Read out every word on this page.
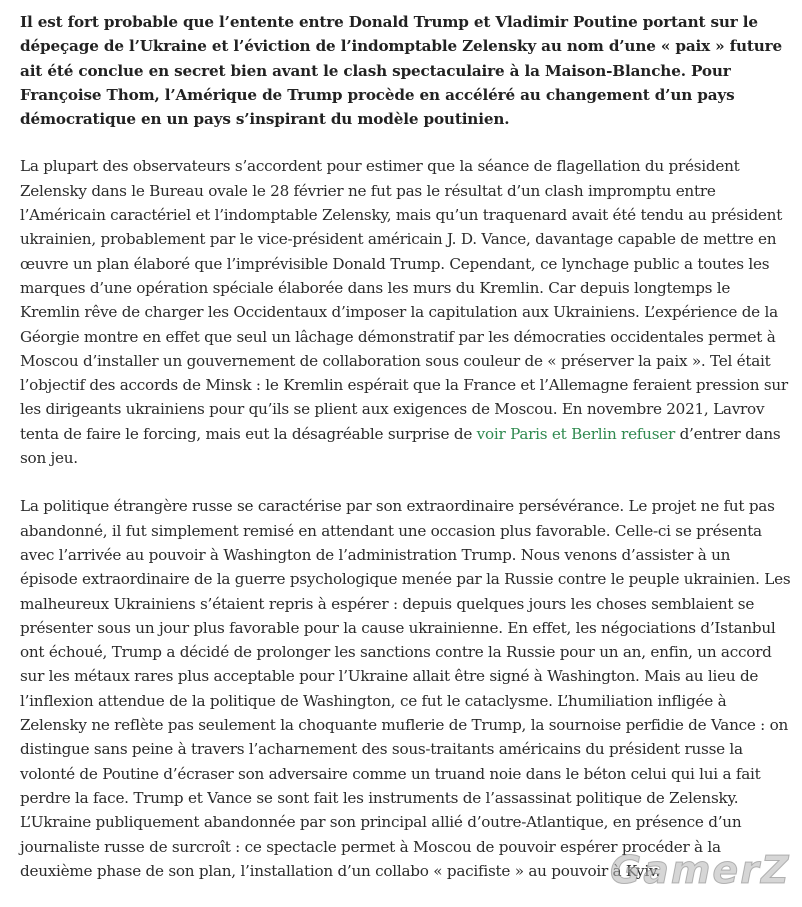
Il est fort probable que l’entente entre Donald Trump et Vladimir Poutine portant sur le dépeçage de l’Ukraine et l’éviction de l’indomptable Zelensky au nom d’une « paix » future ait été conclue en secret bien avant le clash spectaculaire à la Maison-Blanche. Pour Françoise Thom, l’Amérique de Trump procède en accéléré au changement d’un pays démocratique en un pays s’inspirant du modèle poutinien.

La plupart des observateurs s’accordent pour estimer que la séance de flagellation du président Zelensky dans le Bureau ovale le 28 février ne fut pas le résultat d’un clash impromptu entre l’Américain caractériel et l’indomptable Zelensky, mais qu’un traquenard avait été tendu au président ukrainien, probablement par le vice-président américain J. D. Vance, davantage capable de mettre en œuvre un plan élaboré que l’imprévisible Donald Trump. Cependant, ce lynchage public a toutes les marques d’une opération spéciale élaborée dans les murs du Kremlin. Car depuis longtemps le Kremlin rêve de charger les Occidentaux d’imposer la capitulation aux Ukrainiens. L’expérience de la Géorgie montre en effet que seul un lâchage démonstratif par les démocraties occidentales permet à Moscou d’installer un gouvernement de collaboration sous couleur de « préserver la paix ». Tel était l’objectif des accords de Minsk : le Kremlin espérait que la France et l’Allemagne feraient pression sur les dirigeants ukrainiens pour qu’ils se plient aux exigences de Moscou. En novembre 2021, Lavrov tenta de faire le forcing, mais eut la désagréable surprise de voir Paris et Berlin refuser d’entrer dans son jeu.

La politique étrangère russe se caractérise par son extraordinaire persévérance. Le projet ne fut pas abandonné, il fut simplement remisé en attendant une occasion plus favorable. Celle-ci se présenta avec l’arrivée au pouvoir à Washington de l’administration Trump. Nous venons d’assister à un épisode extraordinaire de la guerre psychologique menée par la Russie contre le peuple ukrainien. Les malheureux Ukrainiens s’étaient repris à espérer : depuis quelques jours les choses semblaient se présenter sous un jour plus favorable pour la cause ukrainienne. En effet, les négociations d’Istanbul ont échoué, Trump a décidé de prolonger les sanctions contre la Russie pour un an, enfin, un accord sur les métaux rares plus acceptable pour l’Ukraine allait être signé à Washington. Mais au lieu de l’inflexion attendue de la politique de Washington, ce fut le cataclysme. L’humiliation infligée à Zelensky ne reflète pas seulement la choquante muflerie de Trump, la sournoise perfidie de Vance : on distingue sans peine à travers l’acharnement des sous-traitants américains du président russe la volonté de Poutine d’écraser son adversaire comme un truand noie dans le béton celui qui lui a fait perdre la face. Trump et Vance se sont fait les instruments de l’assassinat politique de Zelensky. L’Ukraine publiquement abandonnée par son principal allié d’outre-Atlantique, en présence d’un journaliste russe de surcroît : ce spectacle permet à Moscou de pouvoir espérer procéder à la deuxième phase de son plan, l’installation d’un collabo « pacifiste » au pouvoir à Kyiv.

GamerZ
